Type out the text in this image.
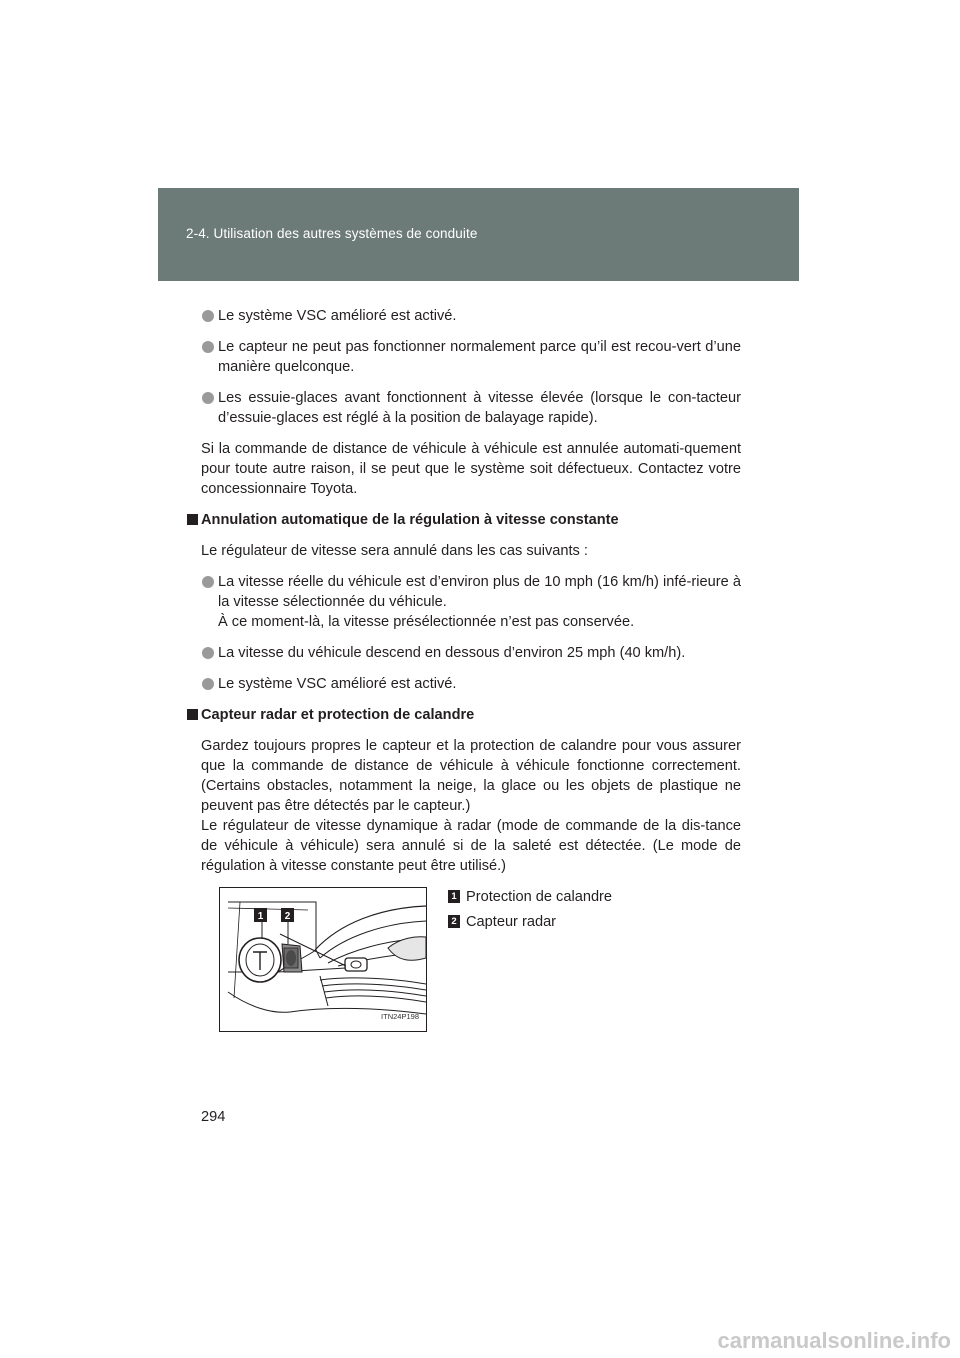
2-4. Utilisation des autres systèmes de conduite
Le système VSC amélioré est activé.
Le capteur ne peut pas fonctionner normalement parce qu’il est recou-vert d’une manière quelconque.
Les essuie-glaces avant fonctionnent à vitesse élevée (lorsque le con-tacteur d’essuie-glaces est réglé à la position de balayage rapide).
Si la commande de distance de véhicule à véhicule est annulée automati-quement pour toute autre raison, il se peut que le système soit défectueux. Contactez votre concessionnaire Toyota.
Annulation automatique de la régulation à vitesse constante
Le régulateur de vitesse sera annulé dans les cas suivants :
La vitesse réelle du véhicule est d’environ plus de 10 mph (16 km/h) infé-rieure à la vitesse sélectionnée du véhicule.
À ce moment-là, la vitesse présélectionnée n’est pas conservée.
La vitesse du véhicule descend en dessous d’environ 25 mph (40 km/h).
Le système VSC amélioré est activé.
Capteur radar et protection de calandre
Gardez toujours propres le capteur et la protection de calandre pour vous assurer que la commande de distance de véhicule à véhicule fonctionne correctement. (Certains obstacles, notamment la neige, la glace ou les objets de plastique ne peuvent pas être détectés par le capteur.)
Le régulateur de vitesse dynamique à radar (mode de commande de la dis-tance de véhicule à véhicule) sera annulé si de la saleté est détectée. (Le mode de régulation à vitesse constante peut être utilisé.)
1 2
ITN24P198
1 Protection de calandre
2 Capteur radar
294
carmanualsonline.info
